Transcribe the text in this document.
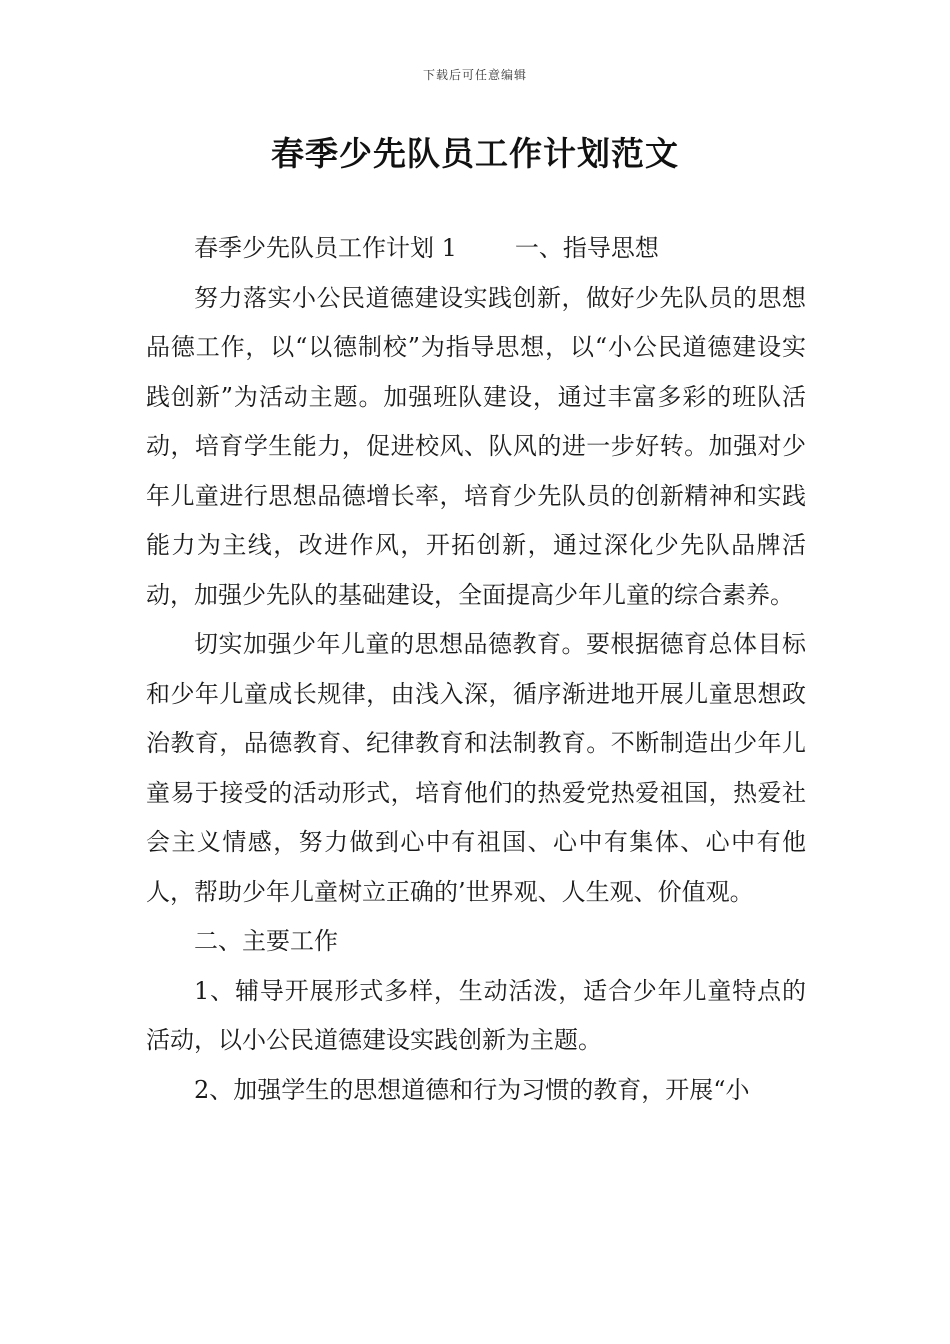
下载后可任意编辑
春季少先队员工作计划范文

春季少先队员工作计划 1 一、指导思想

努力落实小公民道德建设实践创新，做好少先队员的思想品德工作，以“以德制校”为指导思想，以“小公民道德建设实践创新”为活动主题。加强班队建设，通过丰富多彩的班队活动，培育学生能力，促进校风、队风的进一步好转。加强对少年儿童进行思想品德增长率，培育少先队员的创新精神和实践能力为主线，改进作风，开拓创新，通过深化少先队品牌活动，加强少先队的基础建设，全面提高少年儿童的综合素养。

切实加强少年儿童的思想品德教育。要根据德育总体目标和少年儿童成长规律，由浅入深，循序渐进地开展儿童思想政治教育，品德教育、纪律教育和法制教育。不断制造出少年儿童易于接受的活动形式，培育他们的热爱党热爱祖国，热爱社会主义情感，努力做到心中有祖国、心中有集体、心中有他人，帮助少年儿童树立正确的’世界观、人生观、价值观。

二、主要工作

1、辅导开展形式多样，生动活泼，适合少年儿童特点的活动，以小公民道德建设实践创新为主题。

2、加强学生的思想道德和行为习惯的教育，开展“小
